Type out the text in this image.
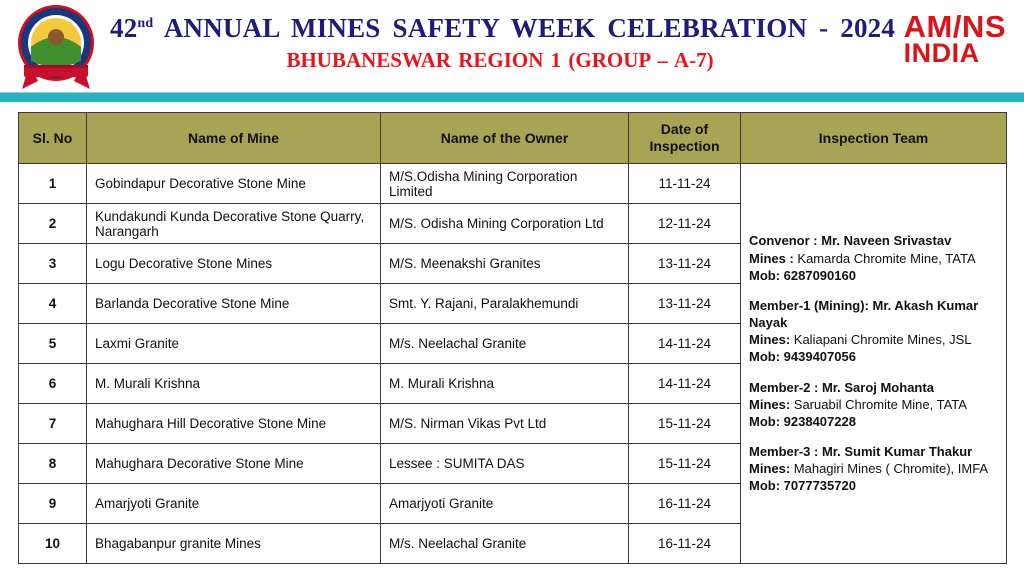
42nd ANNUAL MINES SAFETY WEEK CELEBRATION - 2024
BHUBANESWAR REGION 1 (GROUP – A-7)
AM/NS
INDIA
Sl. No	Name of Mine	Name of the Owner	Date of Inspection	Inspection Team
1	Gobindapur Decorative Stone Mine	M/S.Odisha Mining Corporation Limited	11-11-24	
Convenor : Mr. Naveen Srivastav
Mines : Kamarda Chromite Mine, TATA
Mob: 6287090160
Member-1 (Mining): Mr. Akash Kumar Nayak
Mines: Kaliapani Chromite Mines, JSL
Mob: 9439407056
Member-2 : Mr. Saroj Mohanta
Mines: Saruabil Chromite Mine, TATA
Mob: 9238407228
Member-3 : Mr. Sumit Kumar Thakur
Mines: Mahagiri Mines ( Chromite), IMFA
Mob: 7077735720

2	Kundakundi Kunda Decorative Stone Quarry, Narangarh	M/S. Odisha Mining Corporation Ltd	12-11-24	
3	Logu Decorative Stone Mines	M/S. Meenakshi Granites	13-11-24	
4	Barlanda Decorative Stone Mine	Smt. Y. Rajani, Paralakhemundi	13-11-24	
5	Laxmi Granite	M/s. Neelachal Granite	14-11-24	
6	M. Murali Krishna	M. Murali Krishna	14-11-24	
7	Mahughara Hill Decorative Stone Mine	M/S. Nirman Vikas Pvt Ltd	15-11-24	
8	Mahughara Decorative Stone Mine	Lessee : SUMITA DAS	15-11-24	
9	Amarjyoti Granite	Amarjyoti Granite	16-11-24	
10	Bhagabanpur granite Mines	M/s. Neelachal Granite	16-11-24	
